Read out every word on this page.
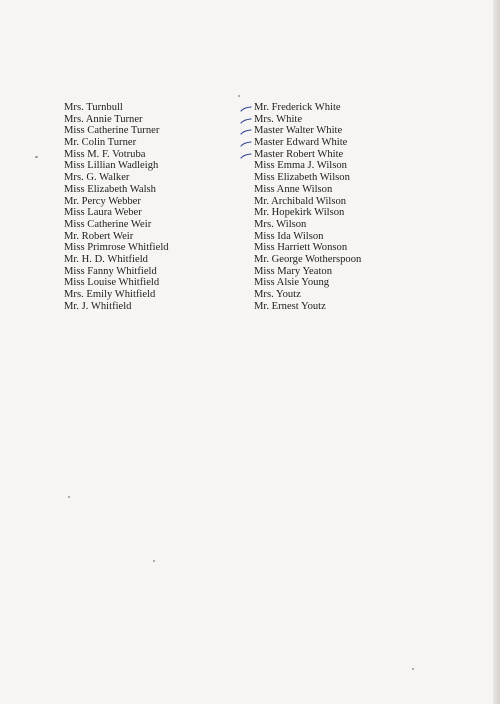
Mrs. Turnbull
Mrs. Annie Turner
Miss Catherine Turner
Mr. Colin Turner
Miss M. F. Votruba
Miss Lillian Wadleigh
Mrs. G. Walker
Miss Elizabeth Walsh
Mr. Percy Webber
Miss Laura Weber
Miss Catherine Weir
Mr. Robert Weir
Miss Primrose Whitfield
Mr. H. D. Whitfield
Miss Fanny Whitfield
Miss Louise Whitfield
Mrs. Emily Whitfield
Mr. J. Whitfield
Mr. Frederick White
Mrs. White
Master Walter White
Master Edward White
Master Robert White
Miss Emma J. Wilson
Miss Elizabeth Wilson
Miss Anne Wilson
Mr. Archibald Wilson
Mr. Hopekirk Wilson
Mrs. Wilson
Miss Ida Wilson
Miss Harriett Wonson
Mr. George Wotherspoon
Miss Mary Yeaton
Miss Alsie Young
Mrs. Youtz
Mr. Ernest Youtz
